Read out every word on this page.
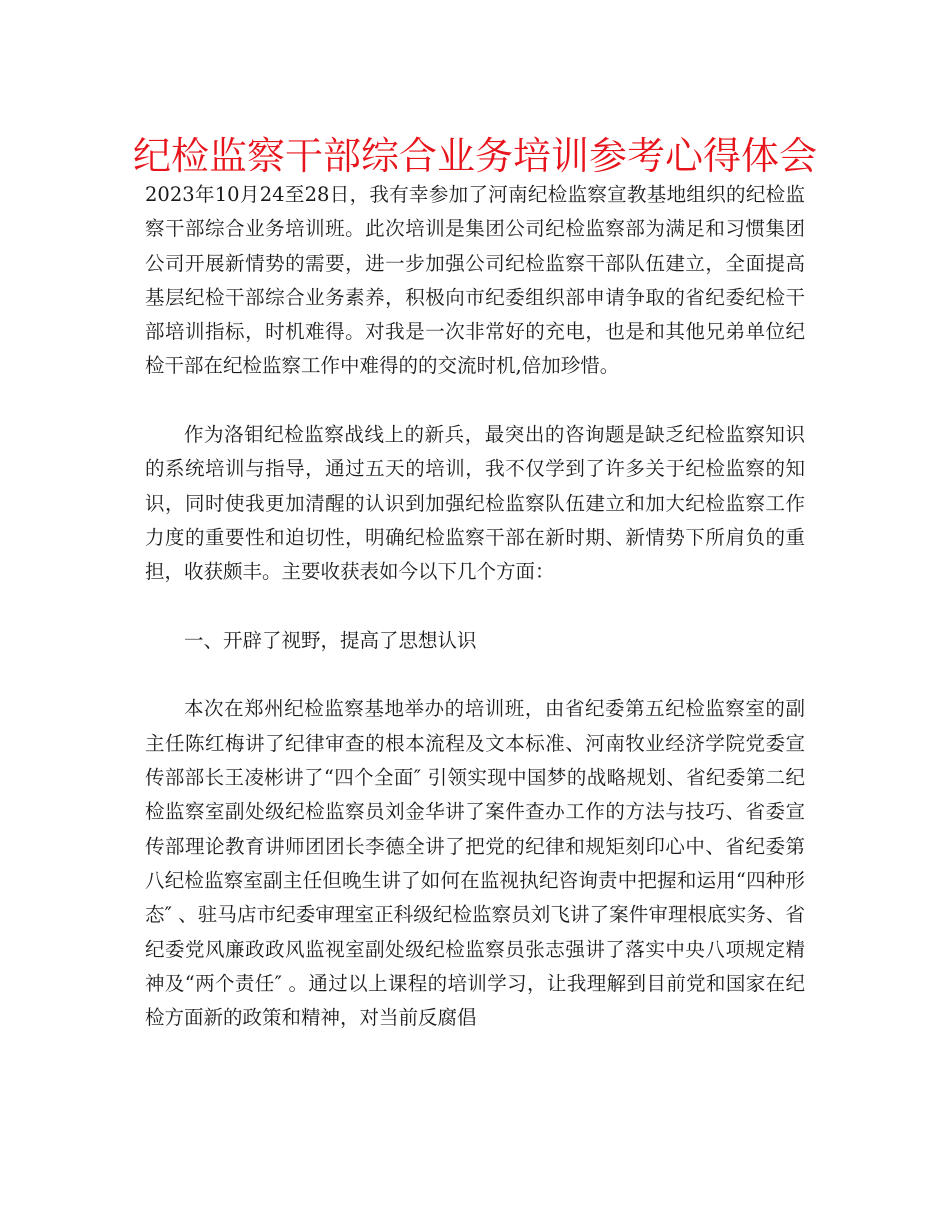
纪检监察干部综合业务培训参考心得体会

2023年10月24至28日，我有幸参加了河南纪检监察宣教基地组织的纪检监察干部综合业务培训班。此次培训是集团公司纪检监察部为满足和习惯集团公司开展新情势的需要，进一步加强公司纪检监察干部队伍建立，全面提高基层纪检干部综合业务素养，积极向市纪委组织部申请争取的省纪委纪检干部培训指标，时机难得。对我是一次非常好的充电，也是和其他兄弟单位纪检干部在纪检监察工作中难得的的交流时机,倍加珍惜。

作为洛钼纪检监察战线上的新兵，最突出的咨询题是缺乏纪检监察知识的系统培训与指导，通过五天的培训，我不仅学到了许多关于纪检监察的知识，同时使我更加清醒的认识到加强纪检监察队伍建立和加大纪检监察工作力度的重要性和迫切性，明确纪检监察干部在新时期、新情势下所肩负的重担，收获颇丰。主要收获表如今以下几个方面：

一、开辟了视野，提高了思想认识

本次在郑州纪检监察基地举办的培训班，由省纪委第五纪检监察室的副主任陈红梅讲了纪律审查的根本流程及文本标准、河南牧业经济学院党委宣传部部长王凌彬讲了“四个全面″ 引领实现中国梦的战略规划、省纪委第二纪检监察室副处级纪检监察员刘金华讲了案件查办工作的方法与技巧、省委宣传部理论教育讲师团团长李德全讲了把党的纪律和规矩刻印心中、省纪委第八纪检监察室副主任但晚生讲了如何在监视执纪咨询责中把握和运用“四种形态″ 、驻马店市纪委审理室正科级纪检监察员刘飞讲了案件审理根底实务、省纪委党风廉政政风监视室副处级纪检监察员张志强讲了落实中央八项规定精神及“两个责任″ 。通过以上课程的培训学习，让我理解到目前党和国家在纪检方面新的政策和精神，对当前反腐倡
